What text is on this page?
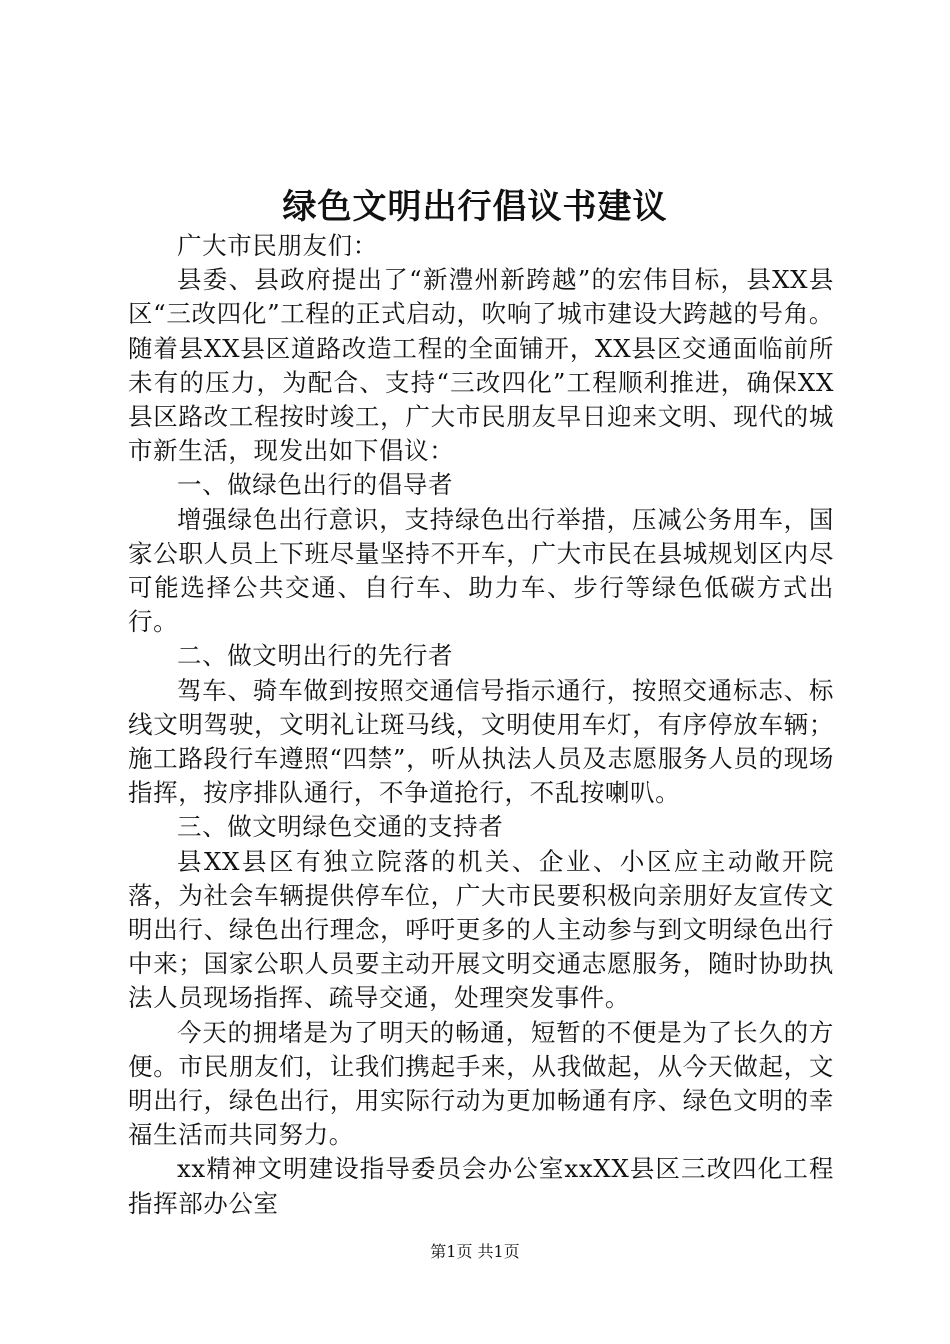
绿色文明出行倡议书建议

广大市民朋友们：

县委、县政府提出了“新澧州新跨越”的宏伟目标，县XX县区“三改四化”工程的正式启动，吹响了城市建设大跨越的号角。随着县XX县区道路改造工程的全面铺开，XX县区交通面临前所未有的压力，为配合、支持“三改四化”工程顺利推进，确保XX县区路改工程按时竣工，广大市民朋友早日迎来文明、现代的城市新生活，现发出如下倡议：

一、做绿色出行的倡导者

增强绿色出行意识，支持绿色出行举措，压减公务用车，国家公职人员上下班尽量坚持不开车，广大市民在县城规划区内尽可能选择公共交通、自行车、助力车、步行等绿色低碳方式出行。

二、做文明出行的先行者

驾车、骑车做到按照交通信号指示通行，按照交通标志、标线文明驾驶，文明礼让斑马线，文明使用车灯，有序停放车辆；施工路段行车遵照“四禁”，听从执法人员及志愿服务人员的现场指挥，按序排队通行，不争道抢行，不乱按喇叭。

三、做文明绿色交通的支持者

县XX县区有独立院落的机关、企业、小区应主动敞开院落，为社会车辆提供停车位，广大市民要积极向亲朋好友宣传文明出行、绿色出行理念，呼吁更多的人主动参与到文明绿色出行中来；国家公职人员要主动开展文明交通志愿服务，随时协助执法人员现场指挥、疏导交通，处理突发事件。

今天的拥堵是为了明天的畅通，短暂的不便是为了长久的方便。市民朋友们，让我们携起手来，从我做起，从今天做起，文明出行，绿色出行，用实际行动为更加畅通有序、绿色文明的幸福生活而共同努力。

xx精神文明建设指导委员会办公室xxXX县区三改四化工程指挥部办公室

第1页 共1页
